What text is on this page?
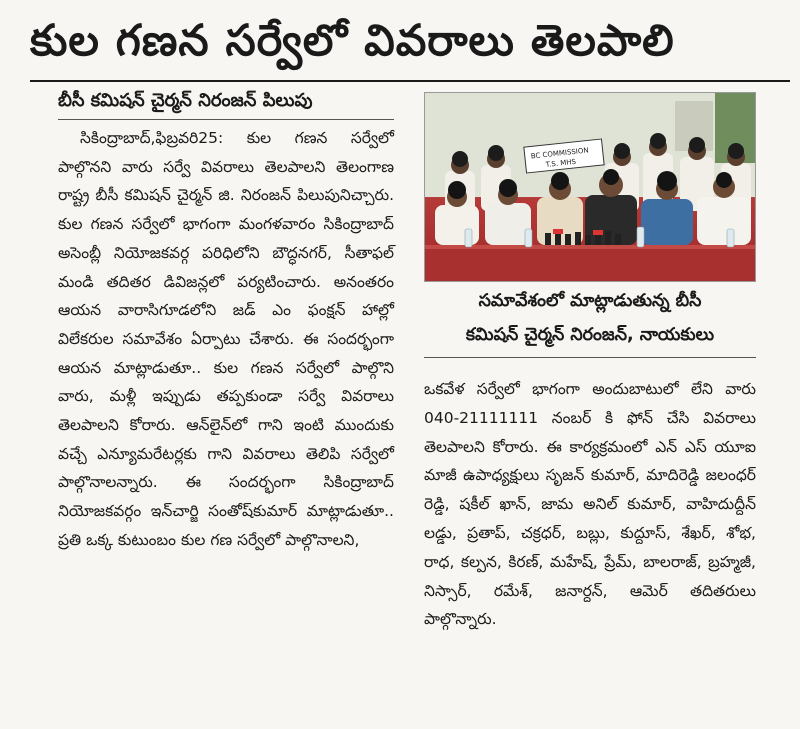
కుల గణన సర్వేలో వివరాలు తెలపాలి
బీసీ కమిషన్ చైర్మన్ నిరంజన్ పిలుపు

సికింద్రాబాద్,ఫిబ్రవరి25: కుల గణన సర్వేలో పాల్గొనని వారు సర్వే వివరాలు తెలపాలని తెలంగాణ రాష్ట్ర బీసీ కమిషన్ చైర్మన్ జి. నిరంజన్ పిలుపునిచ్చారు. కుల గణన సర్వేలో భాగంగా మంగళవారం సికింద్రాబాద్ అసెంబ్లీ నియోజకవర్గ పరిధిలోని బౌద్ధనగర్, సీతాఫల్ మండి తదితర డివిజన్లలో పర్యటించారు. అనంతరం ఆయన వారాసిగూడలోని జడ్ ఎం ఫంక్షన్ హాల్లో విలేకరుల సమావేశం ఏర్పాటు చేశారు. ఈ సందర్భంగా ఆయన మాట్లాడుతూ.. కుల గణన సర్వేలో పాల్గొని వారు, మళ్లీ ఇప్పుడు తప్పకుండా సర్వే వివరాలు తెలపాలని కోరారు. ఆన్‌లైన్‌లో గాని ఇంటి ముందుకు వచ్చే ఎన్యూమరేటర్లకు గాని వివరాలు తెలిపి సర్వేలో పాల్గొనాలన్నారు. ఈ సందర్భంగా సికింద్రాబాద్ నియోజకవర్గం ఇన్‌చార్జి సంతోష్‌కుమార్ మాట్లాడుతూ.. ప్రతి ఒక్క కుటుంబం కుల గణ సర్వేలో పాల్గొనాలని,

BC COMMISSION
T.S. MHS

సమావేశంలో మాట్లాడుతున్న బీసీ
కమిషన్ చైర్మన్ నిరంజన్, నాయకులు

ఒకవేళ సర్వేలో భాగంగా అందుబాటులో లేని వారు 040-21111111 నంబర్ కి ఫోన్ చేసి వివరాలు తెలపాలని కోరారు. ఈ కార్యక్రమంలో ఎన్ ఎస్ యూఐ మాజీ ఉపాధ్యక్షులు సృజన్ కుమార్, మాదిరెడ్డి జలంధర్ రెడ్డి, షకీల్ ఖాన్, జామ అనిల్ కుమార్, వాహిదుద్దీన్ లడ్డు, ప్రతాప్, చక్రధర్, బబ్లు, కుద్దూస్, శేఖర్, శోభ, రాధ, కల్పన, కిరణ్, మహేష్, ప్రేమ్, బాలరాజ్, బ్రహ్మజీ, నిస్సార్, రమేశ్, జనార్దన్, ఆమెర్ తదితరులు పాల్గొన్నారు.
